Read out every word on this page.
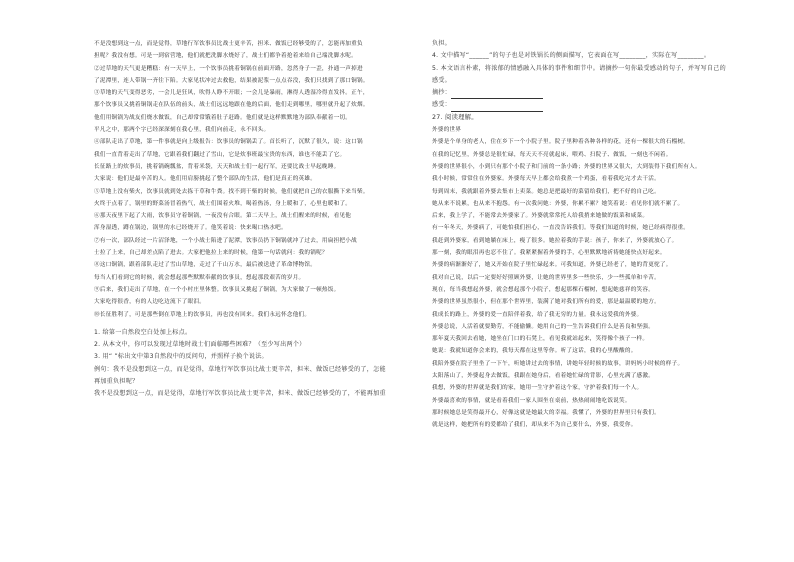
不是没想到这一点，而是觉得，草地行军饮事员比战士更辛苦，担米、做饭已经够受的了，怎能再加重负
担呢？我没有想。可是一到宿营地，他们就把洗脚水烧好了，战士们都争着抢着来给自己端洗脚水呢。
②过草地的天气更是糟糕：有一天早上，一个饮事员挑着铜锅在前面开路，忽然身子一歪，扑通一声掉进
了泥潭里，连人带锅一齐往下陷。大家见状冲过去救他，结果被泥浆一点点吞没，我们只找到了那口铜锅。
③草地的天气变得恶劣，一会儿是狂风，吹得人睁不开眼；一会儿是暴雨，淋得人透湿冷得直发抖。正午，
那个饮事员又挑着铜锅走在队伍的前头，战士们远远地跟在他的后面，他们走到哪里，哪里就升起了炊烟。
他们用铜锅为战友们烧水做饭，自己却常常饿着肚子赶路。他们就是这样默默地为部队奉献着一切。
平凡之中，那两个字已经深深刻在我心里，我们向前走，永不回头。
④部队走出了草地，第一件事就是向上级报告：饮事员的铜锅丢了。首长听了，沉默了很久，说：这口锅
我们一直背着走出了草地，它跟着我们翻过了雪山，它是炊事班最宝贵的东西，谁也不能丢了它。
长征路上的炊事员，挑着锅碗瓢盆，背着米袋，天天和战士们一起行军，还要比战士早起晚睡。
大家说：他们是最辛苦的人。他们用肩膀挑起了整个部队的生活，他们是真正的英雄。
⑤草地上没有柴火，饮事员就到处去拣干草和牛粪。找不到干柴的时候，他们就把自己的衣服撕下来当柴。
火终于点着了，锅里的野菜汤冒着热气，战士们围着火堆，喝着热汤，身上暖和了，心里也暖和了。
⑥那天夜里下起了大雨，饮事员守着铜锅，一夜没有合眼。第二天早上，战士们醒来的时候，看见他
浑身湿透，蹲在锅边，锅里的水已经烧开了。他笑着说：快来喝口热水吧。
⑦有一次，部队经过一片沼泽地，一个小战士陷进了泥潭，饮事员扔下铜锅就冲了过去，用扁担把小战
士拉了上来，自己却差点陷了进去。大家把他拉上来的时候，他第一句话就问：我的锅呢？
⑧这口铜锅，跟着部队走过了雪山草地，走过了千山万水，最后被送进了革命博物馆。
每当人们看到它的时候，就会想起那些默默奉献的饮事员，想起那段艰苦的岁月。
⑨后来，我们走出了草地，在一个小村庄里休整。饮事员又挑起了铜锅，为大家做了一顿热饭。
大家吃得很香，有的人边吃边流下了眼泪。
⑩长征胜利了，可是那些倒在草地上的饮事员，再也没有回来。我们永远怀念他们。
1. 给第一自然段空白处加上标点。
2. 从本文中，你可以发现过草地时战士们面临哪些困难？（至少写出两个）
3. 用“ ”标出文中第3自然段中的反问句，并照样子换个说法。
例句：我不是没想到这一点，而是觉得，草地行军饮事员比战士更辛苦，担米、做饭已经够受的了，怎能
再加重负担呢？
我不是没想到这一点，而是觉得，草地行军饮事员比战士更辛苦，担米、做饭已经够受的了，不能再加重
负担。
4. 文中描写“______”的句子也是对铁锅长的侧面描写，它表面在写________，实际在写________。
5. 本文语言朴素，将浓郁的情感融入具体的事件和细节中。请摘抄一句你最受感动的句子，并写写自己的
感受。
摘抄：
感受：
27. 阅读理解。
外婆的世界
外婆是个单身的老人，住在乡下一个小院子里。院子里种着各种各样的花，还有一棵很大的石榴树。
在我的记忆里，外婆总是很忙碌，每天天不亮就起床，喂鸡、扫院子、做饭，一刻也不闲着。
外婆的世界很小，小到只有那个小院子和门前的一条小路；外婆的世界又很大，大到装得下我们所有人。
我小时候，常常住在外婆家。外婆每天早上都会给我煮一个鸡蛋，看着我吃完才去干活。
每到周末，我就跟着外婆去集市上卖菜。她总是把最好的菜留给我们，把不好的自己吃。
她从来不说累，也从来不抱怨。有一次我问她：外婆，你累不累？她笑着说：看见你们就不累了。
后来，我上学了，不能常去外婆家了。外婆就常常托人给我捎来她做的饭菜和咸菜。
有一年冬天，外婆病了，可她怕我们担心，一直没告诉我们。等我们知道的时候，她已经病得很重。
我赶到外婆家，看到她躺在床上，瘦了很多。她拉着我的手说：孩子，你来了，外婆就放心了。
那一刻，我的眼泪再也忍不住了。我紧紧握着外婆的手，心里默默地祈祷她能快点好起来。
外婆的病渐渐好了，她又开始在院子里忙碌起来。可我知道，外婆已经老了，她的背更驼了。
我对自己说，以后一定要好好照顾外婆，让她的世界里多一些快乐，少一些孤单和辛苦。
现在，每当我想起外婆，就会想起那个小院子，想起那棵石榴树，想起她慈祥的笑容。
外婆的世界虽然很小，但在那个世界里，装满了她对我们所有的爱，那是最温暖的地方。
我成长的路上，外婆的爱一直陪伴着我，给了我无穷的力量。我永远爱我的外婆。
外婆总说，人活着就要勤劳，不能偷懒。她用自己的一生告诉我们什么是善良和坚强。
那年夏天我回去看她，她坐在门口的石凳上，看见我就站起来，笑得像个孩子一样。
她说：我就知道你会来的，我每天都在这里等你。听了这话，我的心里酸酸的。
我陪外婆在院子里坐了一下午，听她讲过去的事情，讲她年轻时候的故事，讲妈妈小时候的样子。
太阳落山了，外婆起身去做饭，我跟在她身后，看着她忙碌的背影，心里充满了感激。
我想，外婆的世界就是我们的家，她用一生守护着这个家，守护着我们每一个人。
外婆最喜欢的事情，就是看着我们一家人围坐在桌前，热热闹闹地吃饭说笑。
那时候她总是笑得最开心，好像这就是她最大的幸福。我懂了，外婆的世界里只有我们。
就是这样，她把所有的爱都给了我们，却从来不为自己要什么，外婆，我爱你。
